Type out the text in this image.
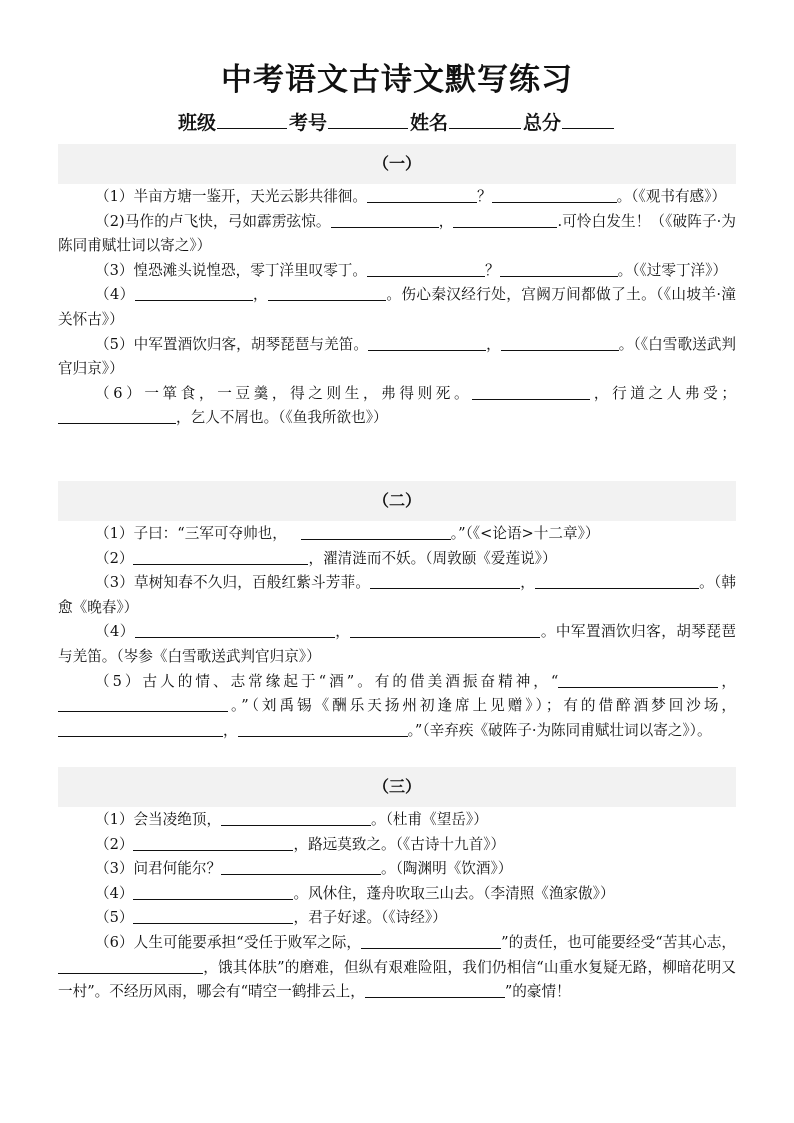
中考语文古诗文默写练习
班级	考号	姓名	总分
（一）

（1）半亩方塘一鉴开，天光云影共徘徊。	？	。（《观书有感》）

（2)马作的卢飞快，弓如霹雳弦惊。	，	.可怜白发生！（《破阵子·为陈同甫赋壮词以寄之》）

（3）惶恐滩头说惶恐，零丁洋里叹零丁。	？	。（《过零丁洋》）

（4）	，	。伤心秦汉经行处，宫阙万间都做了土。（《山坡羊·潼关怀古》）

（5）中军置酒饮归客，胡琴琵琶与羌笛。	，	。（《白雪歌送武判官归京》）

（6）一箪食，一豆羹，得之则生，弗得则死。	，行道之人弗受；，乞人不屑也。（《鱼我所欲也》）

（二）

（1）子曰：“三军可夺帅也，	。”（《<论语>十二章》）

（2）	，濯清涟而不妖。（周敦颐《爱莲说》）

（3）草树知春不久归，百般红紫斗芳菲。	，	。（韩愈《晚春》）

（4）	，	。中军置酒饮归客，胡琴琵琶与羌笛。（岑参《白雪歌送武判官归京》）

（5）古人的情、志常缘起于“酒”。有的借美酒振奋精神，“	，。”（刘禹锡《酬乐天扬州初逢席上见赠》）；有的借醉酒梦回沙场，，	。”（辛弃疾《破阵子·为陈同甫赋壮词以寄之》）。

（三）

（1）会当凌绝顶，	。（杜甫《望岳》）

（2）	，路远莫致之。（《古诗十九首》）

（3）问君何能尔？	。（陶渊明《饮酒》）

（4）	。风休住，蓬舟吹取三山去。（李清照《渔家傲》）

（5）	，君子好逑。（《诗经》）

（6）人生可能要承担“受任于败军之际，	”的责任，也可能要经受“苦其心志，，饿其体肤”的磨难，但纵有艰难险阻，我们仍相信“山重水复疑无路，柳暗花明又一村”。不经历风雨，哪会有“晴空一鹤排云上，	”的豪情！
